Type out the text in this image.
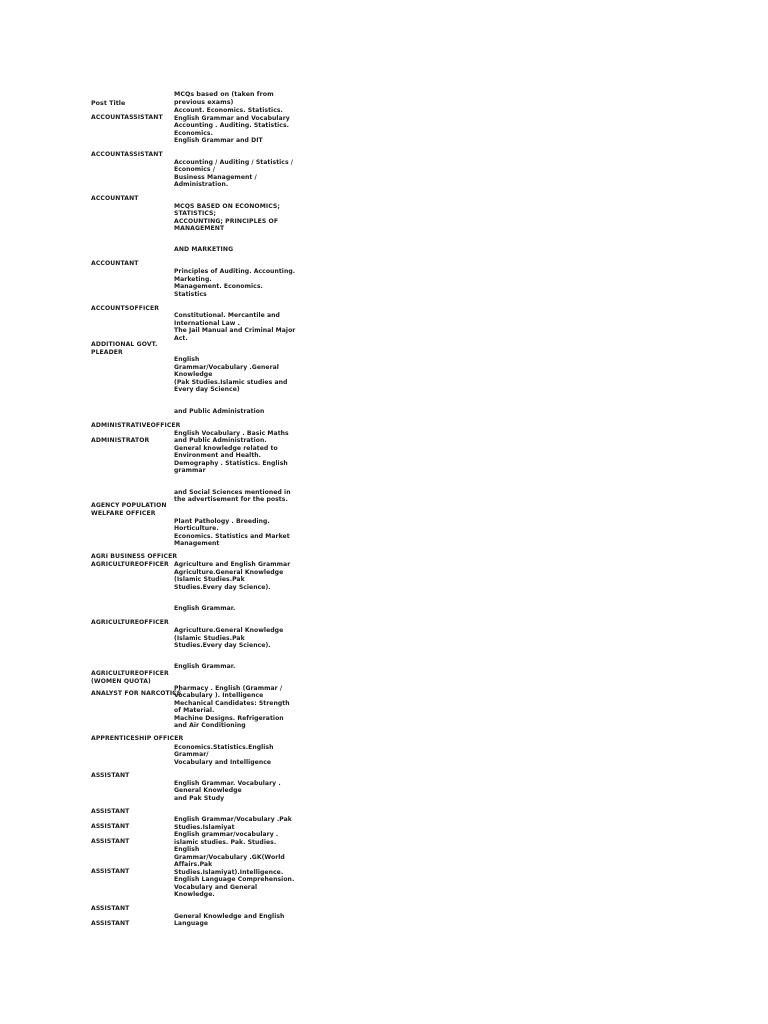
Post Title
MCQs based on (taken from
previous exams)
ACCOUNTASSISTANT
ACCOUNTASSISTANT
ACCOUNTANT
ACCOUNTANT
ACCOUNTSOFFICER
ADDITIONAL GOVT.
PLEADER
ADMINISTRATIVEOFFICER
ADMINISTRATOR
AGENCY POPULATION
WELFARE OFFICER
AGRI BUSINESS OFFICER
AGRICULTUREOFFICER
AGRICULTUREOFFICER
AGRICULTUREOFFICER
(WOMEN QUOTA)
ANALYST FOR NARCOTICS
APPRENTICESHIP OFFICER
ASSISTANT
ASSISTANT
ASSISTANT
ASSISTANT
ASSISTANT
ASSISTANT
ASSISTANT
Account. Economics. Statistics.
English Grammar and Vocabulary
Accounting . Auditing. Statistics.
Economics.
English Grammar and DIT
Accounting / Auditing / Statistics /
Economics /
Business Management /
Administration.
MCQS BASED ON ECONOMICS;
STATISTICS;
ACCOUNTING; PRINCIPLES OF
MANAGEMENT
AND MARKETING
Principles of Auditing. Accounting.
Marketing.
Management. Economics.
Statistics
Constitutional. Mercantile and
International Law .
The Jail Manual and Criminal Major
Act.
English
Grammar/Vocabulary .General
Knowledge
(Pak Studies.Islamic studies and
Every day Science)
and Public Administration
English Vocabulary . Basic Maths
and Public Administration.
General knowledge related to
Environment and Health.
Demography . Statistics. English
grammar
and Social Sciences mentioned in
the advertisement for the posts.
Plant Pathology . Breeding.
Horticulture.
Economics. Statistics and Market
Management
Agriculture and English Grammar
Agriculture.General Knowledge
(Islamic Studies.Pak
Studies.Every day Science).
English Grammar.
Agriculture.General Knowledge
(Islamic Studies.Pak
Studies.Every day Science).
English Grammar.
Pharmacy . English (Grammar /
Vocabulary ). Intelligence
Mechanical Candidates: Strength
of Material.
Machine Designs. Refrigeration
and Air Conditioning
Economics.Statistics.English
Grammar/
Vocabulary and Intelligence
English Grammar. Vocabulary .
General Knowledge
and Pak Study
English Grammar/Vocabulary .Pak
Studies.Islamiyat
English grammar/vocabulary .
islamic studies. Pak. Studies.
English
Grammar/Vocabulary .GK(World
Affairs.Pak
Studies.Islamiyat).Intelligence.
English Language Comprehension.
Vocabulary and General
Knowledge.
General Knowledge and English
Language
